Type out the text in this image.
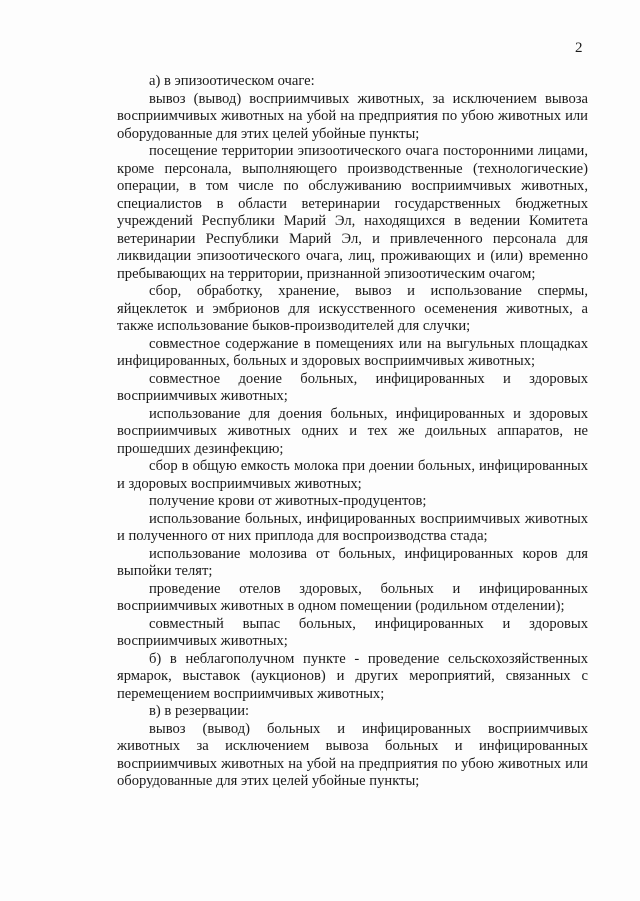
2

а) в эпизоотическом очаге:

вывоз (вывод) восприимчивых животных, за исключением вывоза восприимчивых животных на убой на предприятия по убою животных или оборудованные для этих целей убойные пункты;

посещение территории эпизоотического очага посторонними лицами, кроме персонала, выполняющего производственные (технологические) операции, в том числе по обслуживанию восприимчивых животных, специалистов в области ветеринарии государственных бюджетных учреждений Республики Марий Эл, находящихся в ведении Комитета ветеринарии Республики Марий Эл, и привлеченного персонала для ликвидации эпизоотического очага, лиц, проживающих и (или) временно пребывающих на территории, признанной эпизоотическим очагом;

сбор, обработку, хранение, вывоз и использование спермы, яйцеклеток и эмбрионов для искусственного осеменения животных, а также использование быков-производителей для случки;

совместное содержание в помещениях или на выгульных площадках инфицированных, больных и здоровых восприимчивых животных;

совместное доение больных, инфицированных и здоровых восприимчивых животных;

использование для доения больных, инфицированных и здоровых восприимчивых животных одних и тех же доильных аппаратов, не прошедших дезинфекцию;

сбор в общую емкость молока при доении больных, инфицированных и здоровых восприимчивых животных;

получение крови от животных-продуцентов;

использование больных, инфицированных восприимчивых животных и полученного от них приплода для воспроизводства стада;

использование молозива от больных, инфицированных коров для выпойки телят;

проведение отелов здоровых, больных и инфицированных восприимчивых животных в одном помещении (родильном отделении);

совместный выпас больных, инфицированных и здоровых восприимчивых животных;

б) в неблагополучном пункте - проведение сельскохозяйственных ярмарок, выставок (аукционов) и других мероприятий, связанных с перемещением восприимчивых животных;

в) в резервации:

вывоз (вывод) больных и инфицированных восприимчивых животных за исключением вывоза больных и инфицированных восприимчивых животных на убой на предприятия по убою животных или оборудованные для этих целей убойные пункты;
